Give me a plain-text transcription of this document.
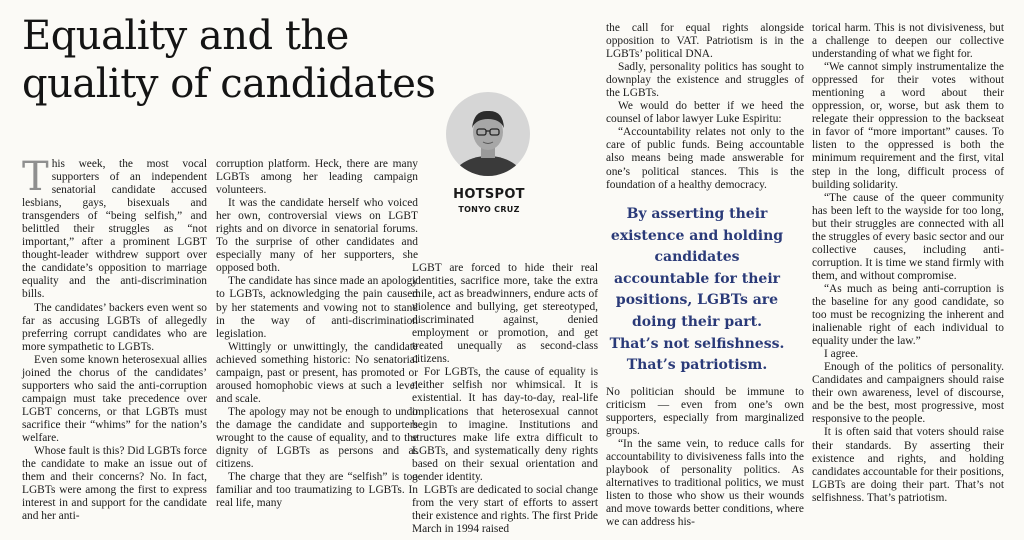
Equality and the quality of candidates
T his week, the most vocal supporters of an independent senatorial candidate accused lesbians, gays, bisexuals and transgenders of “being selfish,” and belittled their struggles as “not important,” after a prominent LGBT thought-leader withdrew support over the candidate’s opposition to marriage equality and the anti-discrimination bills.

The candidates’ backers even went so far as accusing LGBTs of allegedly preferring corrupt candidates who are more sympathetic to LGBTs.

Even some known heterosexual allies joined the chorus of the candidates’ supporters who said the anti-corruption campaign must take precedence over LGBT concerns, or that LGBTs must sacrifice their “whims” for the nation’s welfare.

Whose fault is this? Did LGBTs force the candidate to make an issue out of them and their concerns? No. In fact, LGBTs were among the first to express interest in and support for the candidate and her anti-

corruption platform. Heck, there are many LGBTs among her leading campaign volunteers.

It was the candidate herself who voiced her own, controversial views on LGBT rights and on divorce in senatorial forums. To the surprise of other candidates and especially many of her supporters, she opposed both.

The candidate has since made an apology to LGBTs, acknowledging the pain caused by her statements and vowing not to stand in the way of anti-discrimination legislation.

Wittingly or unwittingly, the candidate achieved something historic: No senatorial campaign, past or present, has promoted or aroused homophobic views at such a level and scale.

The apology may not be enough to undo the damage the candidate and supporters wrought to the cause of equality, and to the dignity of LGBTs as persons and as citizens.

The charge that they are “selfish” is too familiar and too traumatizing to LGBTs. In real life, many

HOTSPOT
TONYO CRUZ

LGBT are forced to hide their real identities, sacrifice more, take the extra mile, act as breadwinners, endure acts of violence and bullying, get stereotyped, discriminated against, denied employment or promotion, and get treated unequally as second-class citizens.

For LGBTs, the cause of equality is neither selfish nor whimsical. It is existential. It has day-to-day, real-life implications that heterosexual cannot begin to imagine. Institutions and structures make life extra difficult to LGBTs, and systematically deny rights based on their sexual orientation and gender identity.

LGBTs are dedicated to social change from the very start of efforts to assert their existence and rights. The first Pride March in 1994 raised

the call for equal rights alongside opposition to VAT. Patriotism is in the LGBTs’ political DNA.

Sadly, personality politics has sought to downplay the existence and struggles of the LGBTs.

We would do better if we heed the counsel of labor lawyer Luke Espiritu:

“Accountability relates not only to the care of public funds. Being accountable also means being made answerable for one’s political stances. This is the foundation of a healthy democracy.

By asserting their existence and holding candidates accountable for their positions, LGBTs are doing their part. That’s not selfishness. That’s patriotism.

No politician should be immune to criticism — even from one’s own supporters, especially from marginalized groups.

“In the same vein, to reduce calls for accountability to divisiveness falls into the playbook of personality politics. As alternatives to traditional politics, we must listen to those who show us their wounds and move towards better conditions, where we can address his-

torical harm. This is not divisiveness, but a challenge to deepen our collective understanding of what we fight for.

“We cannot simply instrumentalize the oppressed for their votes without mentioning a word about their oppression, or, worse, but ask them to relegate their oppression to the backseat in favor of “more important” causes. To listen to the oppressed is both the minimum requirement and the first, vital step in the long, difficult process of building solidarity.

“The cause of the queer community has been left to the wayside for too long, but their struggles are connected with all the struggles of every basic sector and our collective causes, including anti-corruption. It is time we stand firmly with them, and without compromise.

“As much as being anti-corruption is the baseline for any good candidate, so too must be recognizing the inherent and inalienable right of each individual to equality under the law.”

I agree.

Enough of the politics of personality. Candidates and campaigners should raise their own awareness, level of discourse, and be the best, most progressive, most responsive to the people.

It is often said that voters should raise their standards. By asserting their existence and rights, and holding candidates accountable for their positions, LGBTs are doing their part. That’s not selfishness. That’s patriotism.
